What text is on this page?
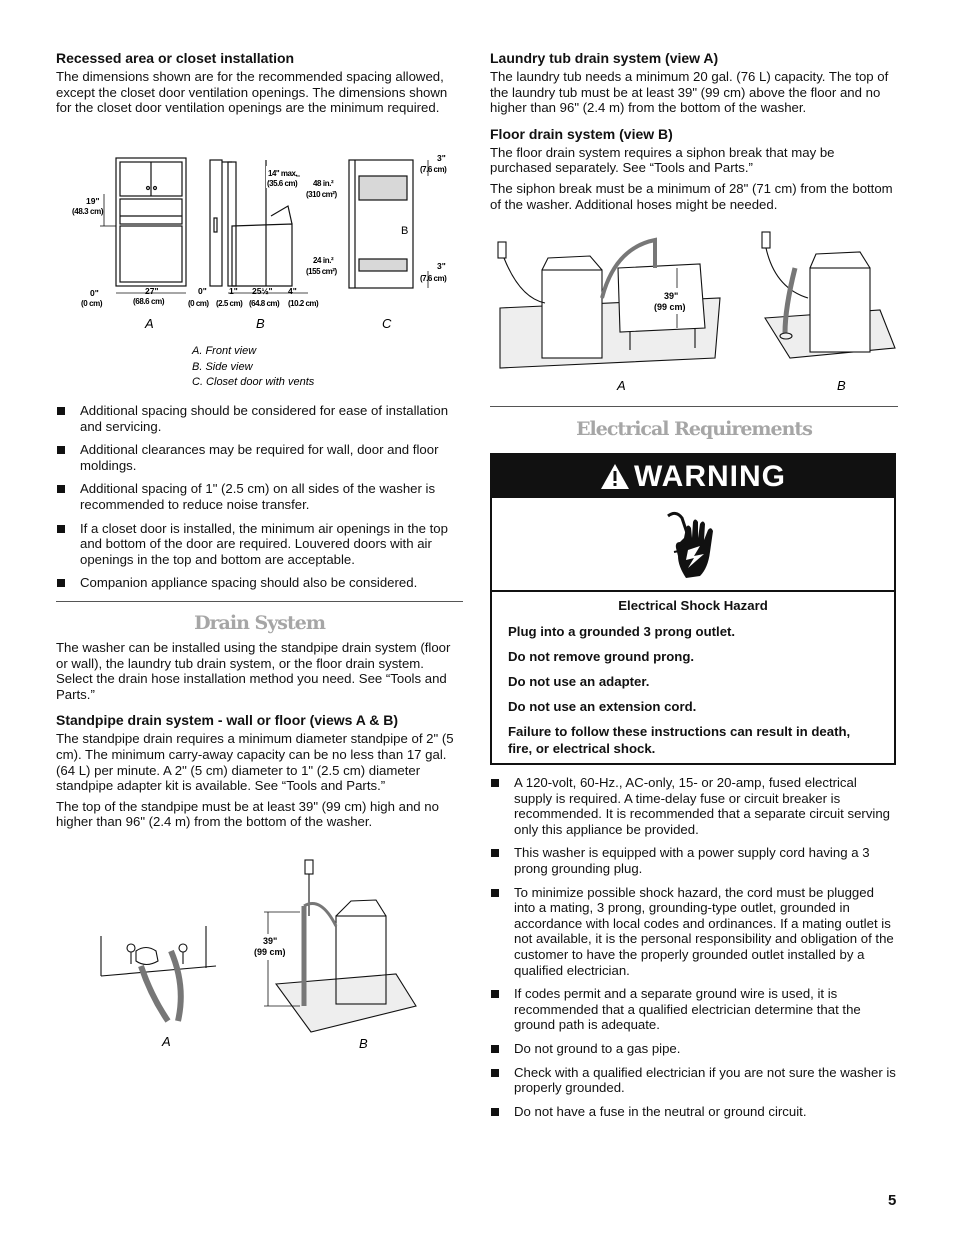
Recessed area or closet installation

The dimensions shown are for the recommended spacing allowed, except the closet door ventilation openings. The dimensions shown for the closet door ventilation openings are the minimum required.

19"
(48.3 cm)
0"
(0 cm)
27"
(68.6 cm)
14" max.
(35.6 cm)
0"
(0 cm)
1"
(2.5 cm)
25½"
(64.8 cm)
4"
(10.2 cm)
48 in.²
(310 cm²)
24 in.²
(155 cm²)
B
3"
(7.6 cm)
3"
(7.6 cm)
A	B	C
A. Front view
B. Side view
C. Closet door with vents
Additional spacing should be considered for ease of installation and servicing.
Additional clearances may be required for wall, door and floor moldings.
Additional spacing of 1" (2.5 cm) on all sides of the washer is recommended to reduce noise transfer.
If a closet door is installed, the minimum air openings in the top and bottom of the door are required. Louvered doors with air openings in the top and bottom are acceptable.
Companion appliance spacing should also be considered.
Drain System

The washer can be installed using the standpipe drain system (floor or wall), the laundry tub drain system, or the floor drain system. Select the drain hose installation method you need. See “Tools and Parts.”

Standpipe drain system - wall or floor (views A & B)

The standpipe drain requires a minimum diameter standpipe of 2" (5 cm). The minimum carry-away capacity can be no less than 17 gal. (64 L) per minute. A 2" (5 cm) diameter to 1" (2.5 cm) diameter standpipe adapter kit is available. See “Tools and Parts.”

The top of the standpipe must be at least 39" (99 cm) high and no higher than 96" (2.4 m) from the bottom of the washer.

39"
(99 cm)
A	B
Laundry tub drain system (view A)

The laundry tub needs a minimum 20 gal. (76 L) capacity. The top of the laundry tub must be at least 39" (99 cm) above the floor and no higher than 96" (2.4 m) from the bottom of the washer.

Floor drain system (view B)

The floor drain system requires a siphon break that may be purchased separately. See “Tools and Parts.”

The siphon break must be a minimum of 28" (71 cm) from the bottom of the washer. Additional hoses might be needed.

39"
(99 cm)
A	B
Electrical Requirements
WARNING
Electrical Shock Hazard
Plug into a grounded 3 prong outlet.
Do not remove ground prong.
Do not use an adapter.
Do not use an extension cord.
Failure to follow these instructions can result in death, fire, or electrical shock.
A 120-volt, 60-Hz., AC-only, 15- or 20-amp, fused electrical supply is required. A time-delay fuse or circuit breaker is recommended. It is recommended that a separate circuit serving only this appliance be provided.
This washer is equipped with a power supply cord having a 3 prong grounding plug.
To minimize possible shock hazard, the cord must be plugged into a mating, 3 prong, grounding-type outlet, grounded in accordance with local codes and ordinances. If a mating outlet is not available, it is the personal responsibility and obligation of the customer to have the properly grounded outlet installed by a qualified electrician.
If codes permit and a separate ground wire is used, it is recommended that a qualified electrician determine that the ground path is adequate.
Do not ground to a gas pipe.
Check with a qualified electrician if you are not sure the washer is properly grounded.
Do not have a fuse in the neutral or ground circuit.
5
